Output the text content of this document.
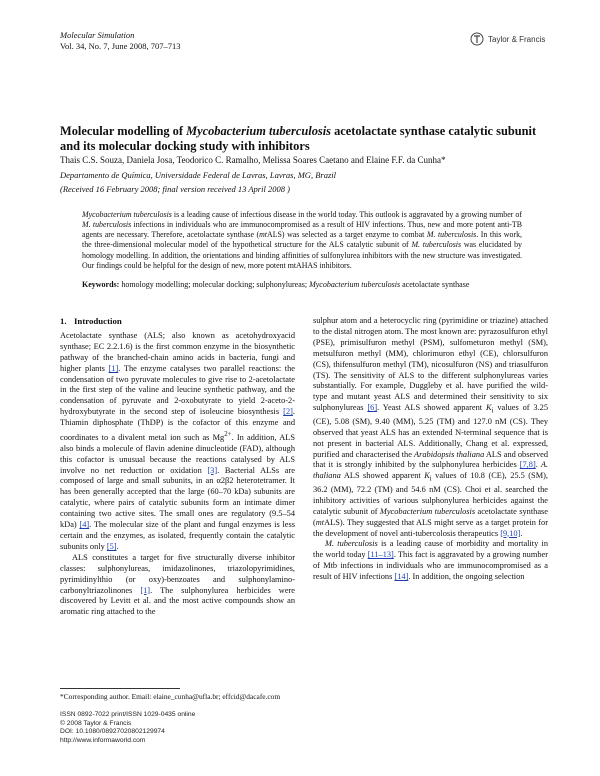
Molecular Simulation
Vol. 34, No. 7, June 2008, 707–713
Taylor & Francis
Molecular modelling of Mycobacterium tuberculosis acetolactate synthase catalytic subunit and its molecular docking study with inhibitors
Thais C.S. Souza, Daniela Josa, Teodorico C. Ramalho, Melissa Soares Caetano and Elaine F.F. da Cunha*
Departamento de Química, Universidade Federal de Lavras, Lavras, MG, Brazil
(Received 16 February 2008; final version received 13 April 2008 )
Mycobacterium tuberculosis is a leading cause of infectious disease in the world today. This outlook is aggravated by a growing number of M. tuberculosis infections in individuals who are immunocompromised as a result of HIV infections. Thus, new and more potent anti-TB agents are necessary. Therefore, acetolactate synthase (mtALS) was selected as a target enzyme to combat M. tuberculosis. In this work, the three-dimensional molecular model of the hypothetical structure for the ALS catalytic subunit of M. tuberculosis was elucidated by homology modelling. In addition, the orientations and binding affinities of sulfonylurea inhibitors with the new structure was investigated. Our findings could be helpful for the design of new, more potent mtAHAS inhibitors.
Keywords: homology modelling; molecular docking; sulphonylureas; Mycobacterium tuberculosis acetolactate synthase

1. Introduction

Acetolactate synthase (ALS; also known as acetohydroxyacid synthase; EC 2.2.1.6) is the first common enzyme in the biosynthetic pathway of the branched-chain amino acids in bacteria, fungi and higher plants [1]. The enzyme catalyses two parallel reactions: the condensation of two pyruvate molecules to give rise to 2-acetolactate in the first step of the valine and leucine synthetic pathway, and the condensation of pyruvate and 2-oxobutyrate to yield 2-aceto-2-hydroxybutyrate in the second step of isoleucine biosynthesis [2]. Thiamin diphosphate (ThDP) is the cofactor of this enzyme and coordinates to a divalent metal ion such as $Mg^{2+}$. In addition, ALS also binds a molecule of flavin adenine dinucleotide (FAD), although this cofactor is unusual because the reactions catalysed by ALS involve no net reduction or oxidation [3]. Bacterial ALSs are composed of large and small subunits, in an α2β2 heterotetramer. It has been generally accepted that the large (60–70 kDa) subunits are catalytic, where pairs of catalytic subunits form an intimate dimer containing two active sites. The small ones are regulatory (9.5–54 kDa) [4]. The molecular size of the plant and fungal enzymes is less certain and the enzymes, as isolated, frequently contain the catalytic subunits only [5].

ALS constitutes a target for five structurally diverse inhibitor classes: sulphonylureas, imidazolinones, triazolopyrimidines, pyrimidinylthio (or oxy)-benzoates and sulphonylamino-carbonyltriazolinones [1]. The sulphonylurea herbicides were discovered by Levitt et al. and the most active compounds show an aromatic ring attached to the

sulphur atom and a heterocyclic ring (pyrimidine or triazine) attached to the distal nitrogen atom. The most known are: pyrazosulfuron ethyl (PSE), primisulfuron methyl (PSM), sulfometuron methyl (SM), metsulfuron methyl (MM), chlorimuron ethyl (CE), chlorsulfuron (CS), thifensulfuron methyl (TM), nicosulfuron (NS) and triasulfuron (TS). The sensitivity of ALS to the different sulphonylureas varies substantially. For example, Duggleby et al. have purified the wild-type and mutant yeast ALS and determined their sensitivity to six sulphonylureas [6]. Yeast ALS showed apparent $K_i$ values of 3.25 (CE), 5.08 (SM), 9.40 (MM), 5.25 (TM) and 127.0 nM (CS). They observed that yeast ALS has an extended N-terminal sequence that is not present in bacterial ALS. Additionally, Chang et al. expressed, purified and characterised the Arabidopsis thaliana ALS and observed that it is strongly inhibited by the sulphonylurea herbicides [7,8]. A. thaliana ALS showed apparent $K_i$ values of 10.8 (CE), 25.5 (SM), 36.2 (MM), 72.2 (TM) and 54.6 nM (CS). Choi et al. searched the inhibitory activities of various sulphonylurea herbicides against the catalytic subunit of Mycobacterium tuberculosis acetolactate synthase (mtALS). They suggested that ALS might serve as a target protein for the development of novel anti-tubercolosis therapeutics [9,10].

M. tuberculosis is a leading cause of morbidity and mortality in the world today [11–13]. This fact is aggravated by a growing number of Mtb infections in individuals who are immunocompromised as a result of HIV infections [14]. In addition, the ongoing selection

*Corresponding author. Email: elaine_cunha@ufla.br; effcid@dacafe.com
ISSN 0892-7022 print/ISSN 1029-0435 online
© 2008 Taylor & Francis
DOI: 10.1080/08927020802129974
http://www.informaworld.com
